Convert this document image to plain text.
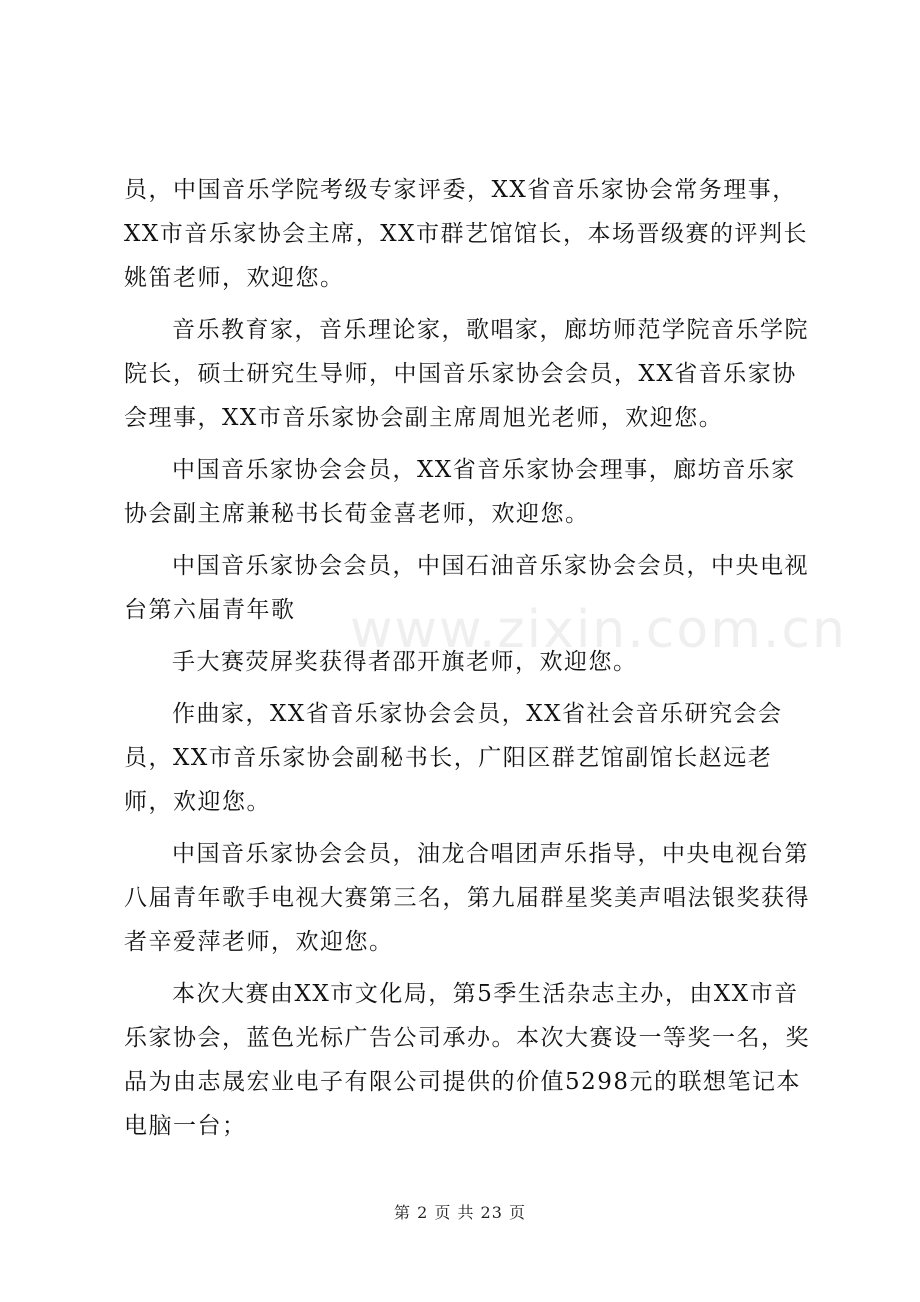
员，中国音乐学院考级专家评委，XX省音乐家协会常务理事，XX市音乐家协会主席，XX市群艺馆馆长，本场晋级赛的评判长姚笛老师，欢迎您。

音乐教育家，音乐理论家，歌唱家，廊坊师范学院音乐学院院长，硕士研究生导师，中国音乐家协会会员，XX省音乐家协会理事，XX市音乐家协会副主席周旭光老师，欢迎您。

中国音乐家协会会员，XX省音乐家协会理事，廊坊音乐家协会副主席兼秘书长荀金喜老师，欢迎您。

中国音乐家协会会员，中国石油音乐家协会会员，中央电视台第六届青年歌

手大赛荧屏奖获得者邵开旗老师，欢迎您。

作曲家，XX省音乐家协会会员，XX省社会音乐研究会会员，XX市音乐家协会副秘书长，广阳区群艺馆副馆长赵远老师，欢迎您。

中国音乐家协会会员，油龙合唱团声乐指导，中央电视台第八届青年歌手电视大赛第三名，第九届群星奖美声唱法银奖获得者辛爱萍老师，欢迎您。

本次大赛由XX市文化局，第5季生活杂志主办，由XX市音乐家协会，蓝色光标广告公司承办。本次大赛设一等奖一名，奖品为由志晟宏业电子有限公司提供的价值5298元的联想笔记本电脑一台；

www.zixin.com.cn
第 2 页 共 23 页
